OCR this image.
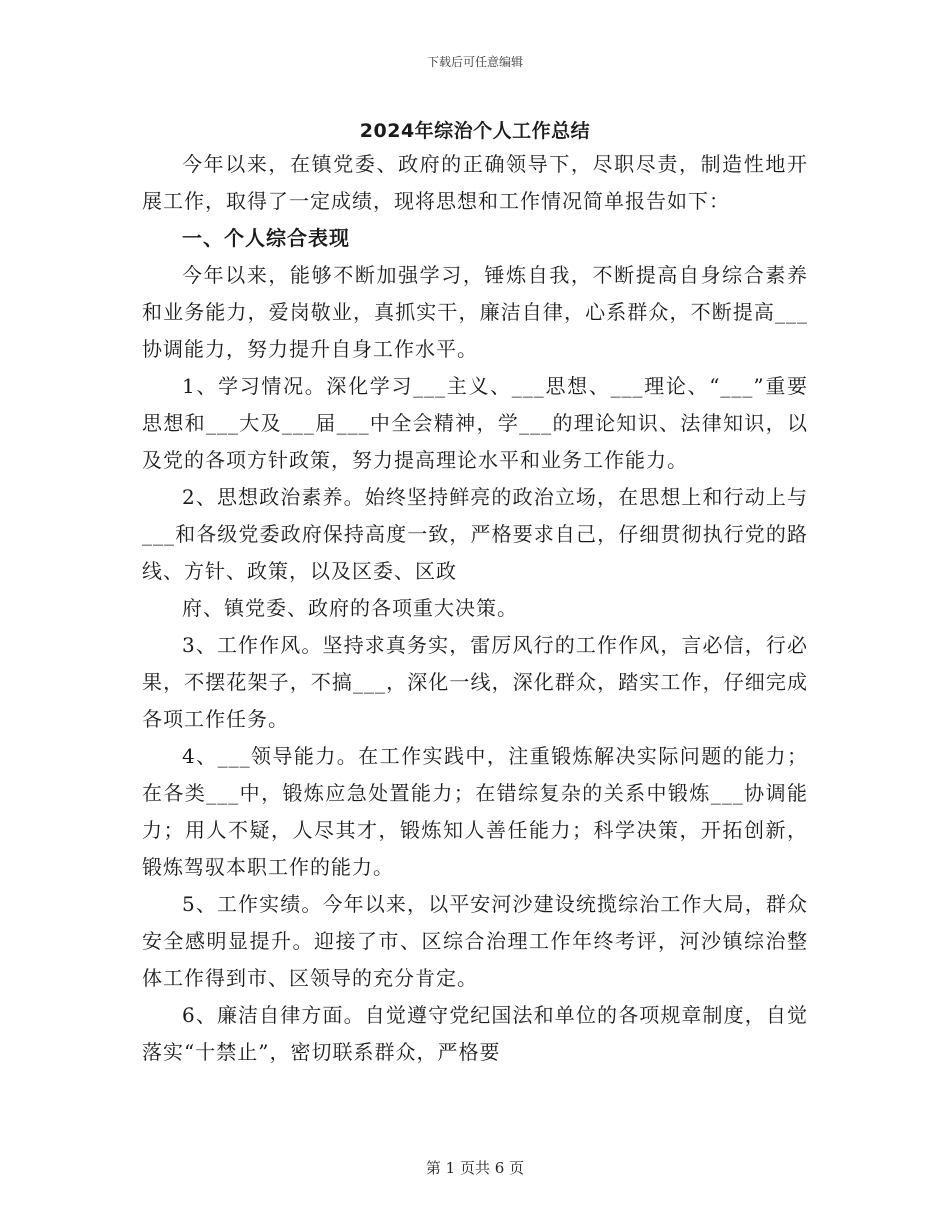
下载后可任意编辑
2024年综治个人工作总结

今年以来，在镇党委、政府的正确领导下，尽职尽责，制造性地开展工作，取得了一定成绩，现将思想和工作情况简单报告如下：

一、个人综合表现

今年以来，能够不断加强学习，锤炼自我，不断提高自身综合素养和业务能力，爱岗敬业，真抓实干，廉洁自律，心系群众，不断提高___协调能力，努力提升自身工作水平。

1、学习情况。深化学习___主义、___思想、___理论、“___”重要思想和___大及___届___中全会精神，学___的理论知识、法律知识，以及党的各项方针政策，努力提高理论水平和业务工作能力。

2、思想政治素养。始终坚持鲜亮的政治立场，在思想上和行动上与___和各级党委政府保持高度一致，严格要求自己，仔细贯彻执行党的路线、方针、政策，以及区委、区政

府、镇党委、政府的各项重大决策。

3、工作作风。坚持求真务实，雷厉风行的工作作风，言必信，行必果，不摆花架子，不搞___，深化一线，深化群众，踏实工作，仔细完成各项工作任务。

4、___领导能力。在工作实践中，注重锻炼解决实际问题的能力；在各类___中，锻炼应急处置能力；在错综复杂的关系中锻炼___协调能力；用人不疑，人尽其才，锻炼知人善任能力；科学决策，开拓创新，锻炼驾驭本职工作的能力。

5、工作实绩。今年以来，以平安河沙建设统揽综治工作大局，群众安全感明显提升。迎接了市、区综合治理工作年终考评，河沙镇综治整体工作得到市、区领导的充分肯定。

6、廉洁自律方面。自觉遵守党纪国法和单位的各项规章制度，自觉落实“十禁止”，密切联系群众，严格要

第 1 页共 6 页
